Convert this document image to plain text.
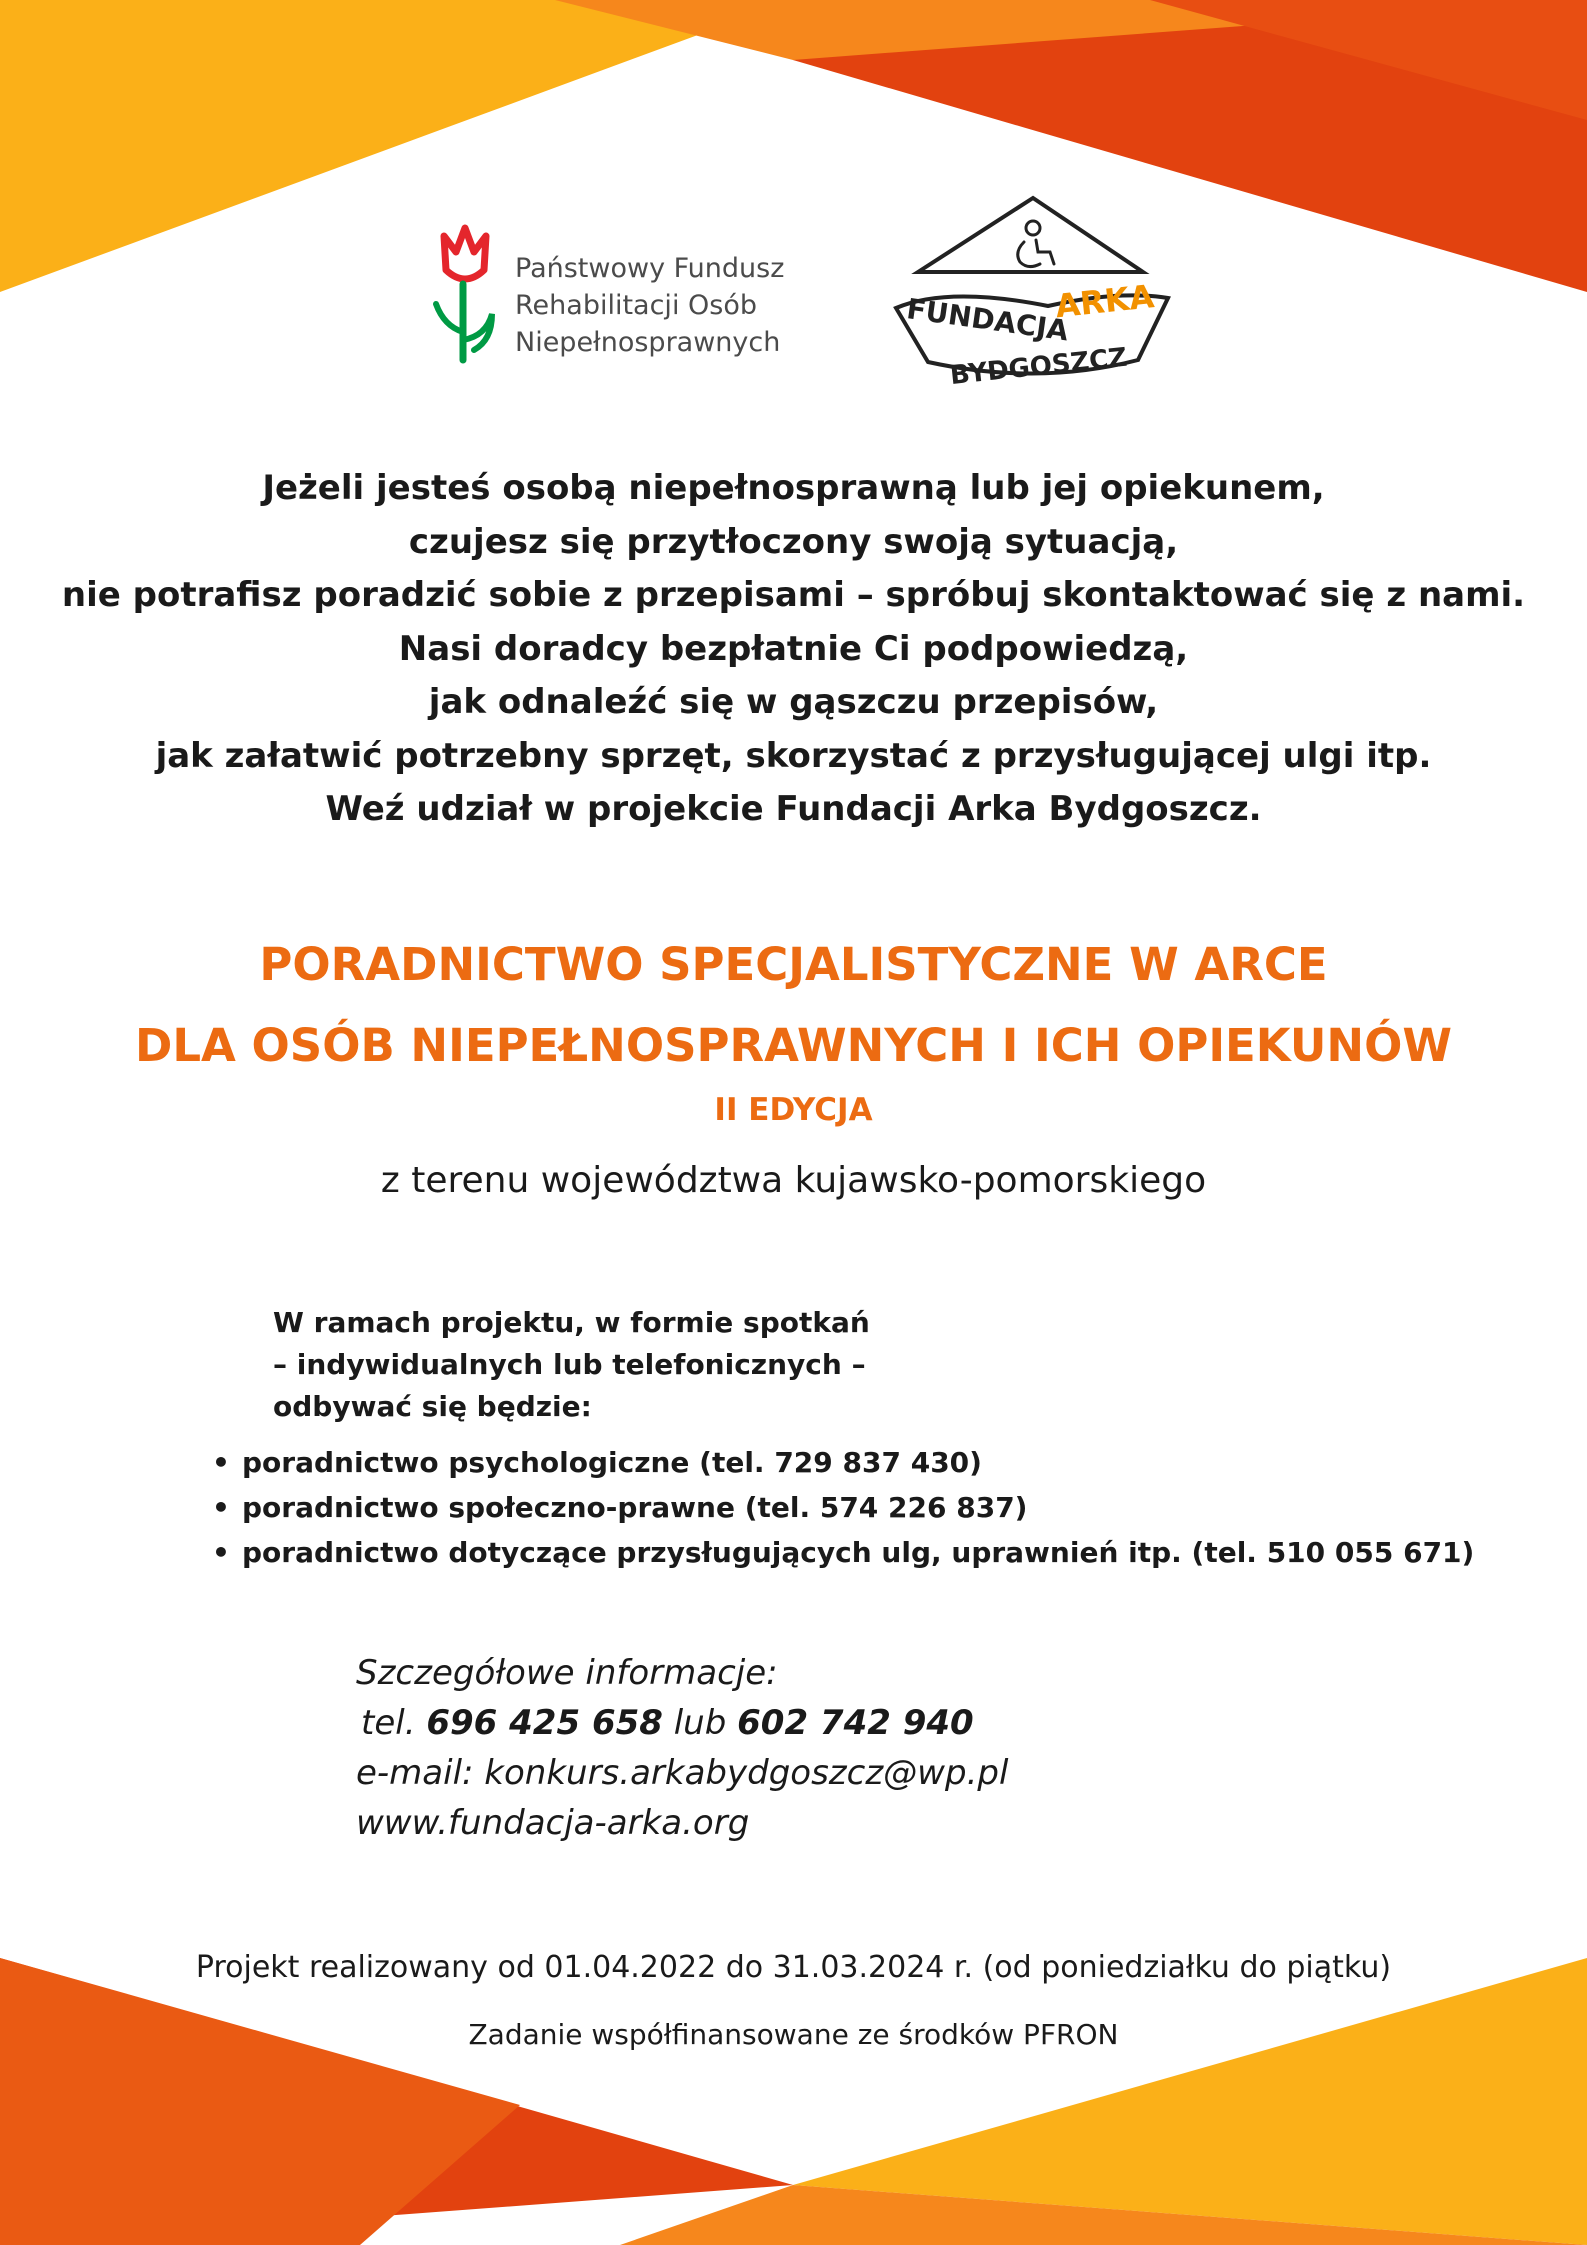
Państwowy Fundusz
Rehabilitacji Osób
Niepełnosprawnych	FUNDACJA
ARKA
BYDGOSZCZ
Jeżeli jesteś osobą niepełnosprawną lub jej opiekunem,
czujesz się przytłoczony swoją sytuacją,
nie potrafisz poradzić sobie z przepisami – spróbuj skontaktować się z nami.
Nasi doradcy bezpłatnie Ci podpowiedzą,
jak odnaleźć się w gąszczu przepisów,
jak załatwić potrzebny sprzęt, skorzystać z przysługującej ulgi itp.
Weź udział w projekcie Fundacji Arka Bydgoszcz.
PORADNICTWO SPECJALISTYCZNE W ARCE
DLA OSÓB NIEPEŁNOSPRAWNYCH I ICH OPIEKUNÓW
II EDYCJA
z terenu województwa kujawsko-pomorskiego
W ramach projektu, w formie spotkań
– indywidualnych lub telefonicznych –
odbywać się będzie:
• poradnictwo psychologiczne (tel. 729 837 430)
• poradnictwo społeczno-prawne (tel. 574 226 837)
• poradnictwo dotyczące przysługujących ulg, uprawnień itp. (tel. 510 055 671)
Szczegółowe informacje:
tel. 696 425 658 lub 602 742 940
e-mail: konkurs.arkabydgoszcz@wp.pl
www.fundacja-arka.org
Projekt realizowany od 01.04.2022 do 31.03.2024 r. (od poniedziałku do piątku)
Zadanie współfinansowane ze środków PFRON
